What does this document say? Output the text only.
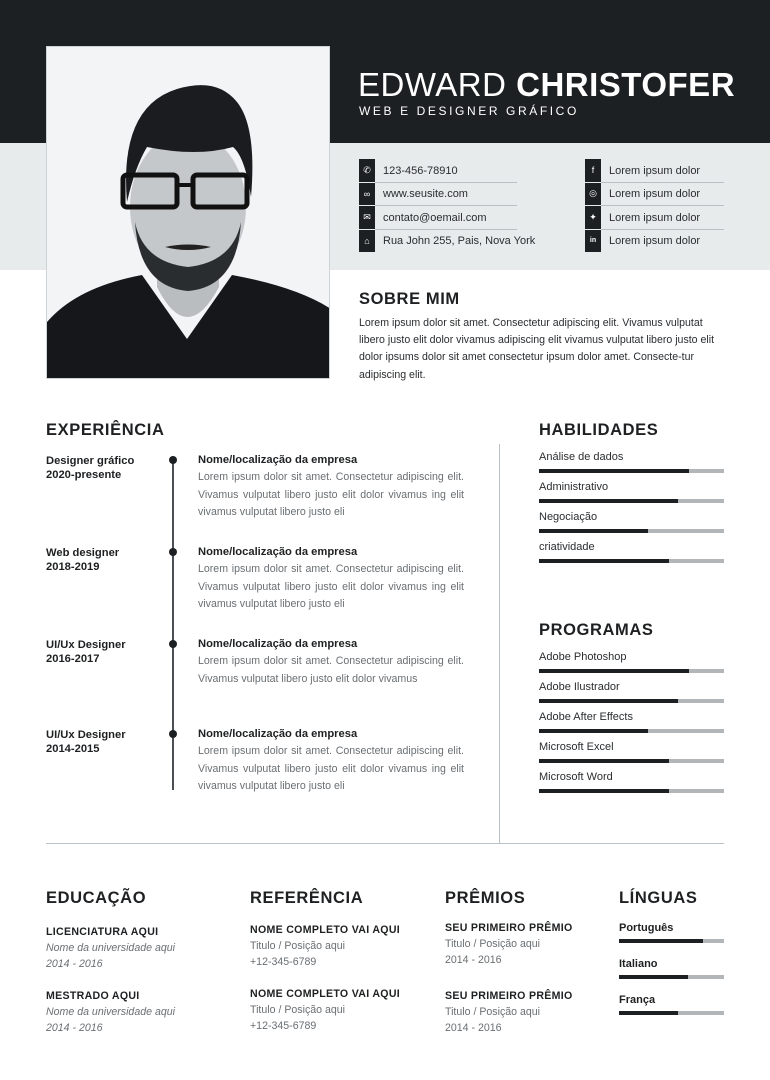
EDWARD CHRISTOFER
WEB E DESIGNER GRÁFICO
✆	123-456-78910
∞	www.seusite.com
✉	contato@oemail.com
⌂	Rua John 255, Pais, Nova York
f	Lorem ipsum dolor
◎	Lorem ipsum dolor
✦	Lorem ipsum dolor
in	Lorem ipsum dolor
SOBRE MIM
Lorem ipsum dolor sit amet. Consectetur adipiscing elit. Vivamus vulputat libero justo elit dolor vivamus adipiscing elit vivamus vulputat libero justo elit dolor ipsums dolor sit amet consectetur ipsum dolor amet. Consecte-tur adipiscing elit.
EXPERIÊNCIA
Designer gráfico
2020-presente
Nome/localização da empresa
Lorem ipsum dolor sit amet. Consectetur adipiscing elit. Vivamus vulputat libero justo elit dolor vivamus ing elit vivamus vulputat libero justo eli
Web designer
2018-2019
Nome/localização da empresa
Lorem ipsum dolor sit amet. Consectetur adipiscing elit. Vivamus vulputat libero justo elit dolor vivamus ing elit vivamus vulputat libero justo eli
UI/Ux Designer
2016-2017
Nome/localização da empresa
Lorem ipsum dolor sit amet. Consectetur adipiscing elit. Vivamus vulputat libero justo elit dolor vivamus
UI/Ux Designer
2014-2015
Nome/localização da empresa
Lorem ipsum dolor sit amet. Consectetur adipiscing elit. Vivamus vulputat libero justo elit dolor vivamus ing elit vivamus vulputat libero justo eli
HABILIDADES
Análise de dados
Administrativo
Negociação
criatividade
PROGRAMAS
Adobe Photoshop
Adobe Ilustrador
Adobe After Effects
Microsoft Excel
Microsoft Word
EDUCAÇÃO
LICENCIATURA AQUI
Nome da universidade aqui
2014 - 2016
MESTRADO AQUI
Nome da universidade aqui
2014 - 2016
REFERÊNCIA
NOME COMPLETO VAI AQUI
Titulo / Posição aqui
+12-345-6789
NOME COMPLETO VAI AQUI
Titulo / Posição aqui
+12-345-6789
PRÊMIOS
SEU PRIMEIRO PRÊMIO
Titulo / Posição aqui
2014 - 2016
SEU PRIMEIRO PRÊMIO
Titulo / Posição aqui
2014 - 2016
LÍNGUAS
Português
Italiano
França
